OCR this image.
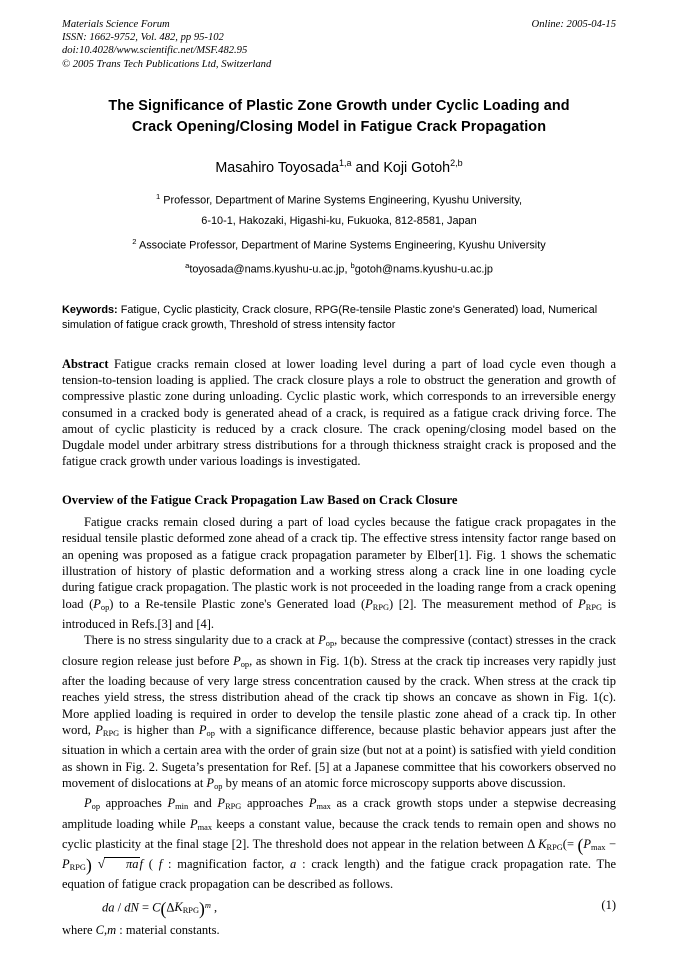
Materials Science Forum
ISSN: 1662-9752, Vol. 482, pp 95-102
doi:10.4028/www.scientific.net/MSF.482.95
© 2005 Trans Tech Publications Ltd, Switzerland
Online: 2005-04-15
The Significance of Plastic Zone Growth under Cyclic Loading and
Crack Opening/Closing Model in Fatigue Crack Propagation
Masahiro Toyosada$^{1,a}$ and Koji Gotoh$^{2,b}$
$^1$ Professor, Department of Marine Systems Engineering, Kyushu University,
6-10-1, Hakozaki, Higashi-ku, Fukuoka, 812-8581, Japan
$^2$ Associate Professor, Department of Marine Systems Engineering, Kyushu University
$^a$toyosada@nams.kyushu-u.ac.jp, $^b$gotoh@nams.kyushu-u.ac.jp
Keywords: Fatigue, Cyclic plasticity, Crack closure, RPG(Re-tensile Plastic zone's Generated) load, Numerical simulation of fatigue crack growth, Threshold of stress intensity factor
Abstract Fatigue cracks remain closed at lower loading level during a part of load cycle even though a tension-to-tension loading is applied. The crack closure plays a role to obstruct the generation and growth of compressive plastic zone during unloading. Cyclic plastic work, which corresponds to an irreversible energy consumed in a cracked body is generated ahead of a crack, is required as a fatigue crack driving force. The amout of cyclic plasticity is reduced by a crack closure. The crack opening/closing model based on the Dugdale model under arbitrary stress distributions for a through thickness straight crack is proposed and the fatigue crack growth under various loadings is investigated.
Overview of the Fatigue Crack Propagation Law Based on Crack Closure
Fatigue cracks remain closed during a part of load cycles because the fatigue crack propagates in the residual tensile plastic deformed zone ahead of a crack tip. The effective stress intensity factor range based on an opening was proposed as a fatigue crack propagation parameter by Elber[1]. Fig. 1 shows the schematic illustration of history of plastic deformation and a working stress along a crack line in one loading cycle during fatigue crack propagation. The plastic work is not proceeded in the loading range from a crack opening load $(P_{op})$ to a Re-tensile Plastic zone's Generated load $(P_{RPG})$ [2]. The measurement method of $P_{RPG}$ is introduced in Refs.[3] and [4].
There is no stress singularity due to a crack at $P_{op}$, because the compressive (contact) stresses in the crack closure region release just before $P_{op}$, as shown in Fig. 1(b). Stress at the crack tip increases very rapidly just after the loading because of very large stress concentration caused by the crack. When stress at the crack tip reaches yield stress, the stress distribution ahead of the crack tip shows an concave as shown in Fig. 1(c). More applied loading is required in order to develop the tensile plastic zone ahead of a crack tip. In other word, $P_{RPG}$ is higher than $P_{op}$ with a significance difference, because plastic behavior appears just after the situation in which a certain area with the order of grain size (but not at a point) is satisfied with yield condition as shown in Fig. 2. Sugeta’s presentation for Ref. [5] at a Japanese committee that his coworkers observed no movement of dislocations at $P_{op}$ by means of an atomic force microscopy supports above discussion.
$P_{op}$ approaches $P_{min}$ and $P_{RPG}$ approaches $P_{max}$ as a crack growth stops under a stepwise decreasing amplitude loading while $P_{max}$ keeps a constant value, because the crack tends to remain open and shows no cyclic plasticity at the final stage [2]. The threshold does not appear in the relation between Δ $K_{RPG}(= (P_{max} - P_{RPG})$ √ πaf ( f : magnification factor, a : crack length) and the fatigue crack propagation rate. The equation of fatigue crack propagation can be described as follows.
da / dN = $C(\Delta K_{RPG})^m$ ,	(1)
where C,m : material constants.
